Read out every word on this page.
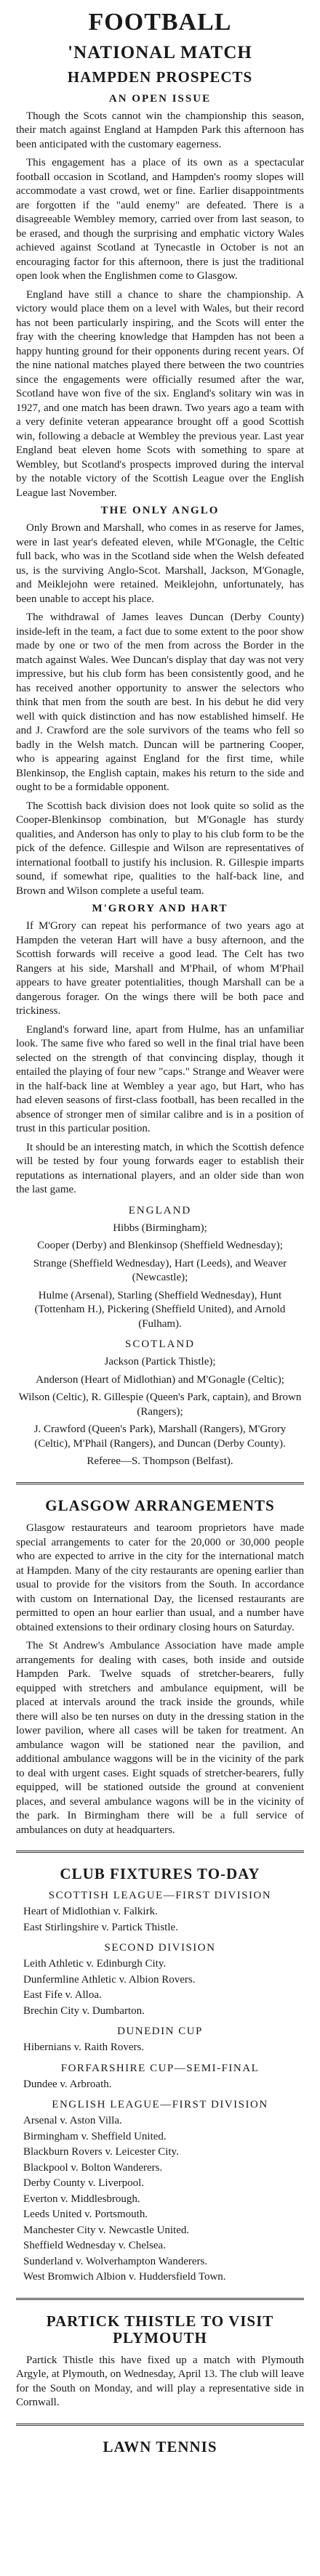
FOOTBALL
'NATIONAL MATCH
HAMPDEN PROSPECTS
AN OPEN ISSUE

Though the Scots cannot win the championship this season, their match against England at Hampden Park this afternoon has been anticipated with the customary eagerness.

This engagement has a place of its own as a spectacular football occasion in Scotland, and Hampden's roomy slopes will accommodate a vast crowd, wet or fine. Earlier disappointments are forgotten if the "auld enemy" are defeated. There is a disagreeable Wembley memory, carried over from last season, to be erased, and though the surprising and emphatic victory Wales achieved against Scotland at Tynecastle in October is not an encouraging factor for this afternoon, there is just the traditional open look when the Englishmen come to Glasgow.

England have still a chance to share the championship. A victory would place them on a level with Wales, but their record has not been particularly inspiring, and the Scots will enter the fray with the cheering knowledge that Hampden has not been a happy hunting ground for their opponents during recent years. Of the nine national matches played there between the two countries since the engagements were officially resumed after the war, Scotland have won five of the six. England's solitary win was in 1927, and one match has been drawn. Two years ago a team with a very definite veteran appearance brought off a good Scottish win, following a debacle at Wembley the previous year. Last year England beat eleven home Scots with something to spare at Wembley, but Scotland's prospects improved during the interval by the notable victory of the Scottish League over the English League last November.

THE ONLY ANGLO

Only Brown and Marshall, who comes in as reserve for James, were in last year's defeated eleven, while M'Gonagle, the Celtic full back, who was in the Scotland side when the Welsh defeated us, is the surviving Anglo-Scot. Marshall, Jackson, M'Gonagle, and Meiklejohn were retained. Meiklejohn, unfortunately, has been unable to accept his place.

The withdrawal of James leaves Duncan (Derby County) inside-left in the team, a fact due to some extent to the poor show made by one or two of the men from across the Border in the match against Wales. Wee Duncan's display that day was not very impressive, but his club form has been consistently good, and he has received another opportunity to answer the selectors who think that men from the south are best. In his debut he did very well with quick distinction and has now established himself. He and J. Crawford are the sole survivors of the teams who fell so badly in the Welsh match. Duncan will be partnering Cooper, who is appearing against England for the first time, while Blenkinsop, the English captain, makes his return to the side and ought to be a formidable opponent.

The Scottish back division does not look quite so solid as the Cooper-Blenkinsop combination, but M'Gonagle has sturdy qualities, and Anderson has only to play to his club form to be the pick of the defence. Gillespie and Wilson are representatives of international football to justify his inclusion. R. Gillespie imparts sound, if somewhat ripe, qualities to the half-back line, and Brown and Wilson complete a useful team.

M'GRORY AND HART

If M'Grory can repeat his performance of two years ago at Hampden the veteran Hart will have a busy afternoon, and the Scottish forwards will receive a good lead. The Celt has two Rangers at his side, Marshall and M'Phail, of whom M'Phail appears to have greater potentialities, though Marshall can be a dangerous forager. On the wings there will be both pace and trickiness.

England's forward line, apart from Hulme, has an unfamiliar look. The same five who fared so well in the final trial have been selected on the strength of that convincing display, though it entailed the playing of four new "caps." Strange and Weaver were in the half-back line at Wembley a year ago, but Hart, who has had eleven seasons of first-class football, has been recalled in the absence of stronger men of similar calibre and is in a position of trust in this particular position.

It should be an interesting match, in which the Scottish defence will be tested by four young forwards eager to establish their reputations as international players, and an older side than won the last game.

ENGLAND

Hibbs (Birmingham);

Cooper (Derby) and Blenkinsop (Sheffield Wednesday);

Strange (Sheffield Wednesday), Hart (Leeds), and Weaver (Newcastle);

Hulme (Arsenal), Starling (Sheffield Wednesday), Hunt (Tottenham H.), Pickering (Sheffield United), and Arnold (Fulham).

SCOTLAND

Jackson (Partick Thistle);

Anderson (Heart of Midlothian) and M'Gonagle (Celtic);

Wilson (Celtic), R. Gillespie (Queen's Park, captain), and Brown (Rangers);

J. Crawford (Queen's Park), Marshall (Rangers), M'Grory (Celtic), M'Phail (Rangers), and Duncan (Derby County).

Referee—S. Thompson (Belfast).

GLASGOW ARRANGEMENTS

Glasgow restaurateurs and tearoom proprietors have made special arrangements to cater for the 20,000 or 30,000 people who are expected to arrive in the city for the international match at Hampden. Many of the city restaurants are opening earlier than usual to provide for the visitors from the South. In accordance with custom on International Day, the licensed restaurants are permitted to open an hour earlier than usual, and a number have obtained extensions to their ordinary closing hours on Saturday.

The St Andrew's Ambulance Association have made ample arrangements for dealing with cases, both inside and outside Hampden Park. Twelve squads of stretcher-bearers, fully equipped with stretchers and ambulance equipment, will be placed at intervals around the track inside the grounds, while there will also be ten nurses on duty in the dressing station in the lower pavilion, where all cases will be taken for treatment. An ambulance wagon will be stationed near the pavilion, and additional ambulance waggons will be in the vicinity of the park to deal with urgent cases. Eight squads of stretcher-bearers, fully equipped, will be stationed outside the ground at convenient places, and several ambulance wagons will be in the vicinity of the park. In Birmingham there will be a full service of ambulances on duty at headquarters.

CLUB FIXTURES TO-DAY
SCOTTISH LEAGUE—FIRST DIVISION
Heart of Midlothian v. Falkirk.
East Stirlingshire v. Partick Thistle.
SECOND DIVISION
Leith Athletic v. Edinburgh City.
Dunfermline Athletic v. Albion Rovers.
East Fife v. Alloa.
Brechin City v. Dumbarton.
DUNEDIN CUP
Hibernians v. Raith Rovers.
FORFARSHIRE CUP—SEMI-FINAL
Dundee v. Arbroath.
ENGLISH LEAGUE—FIRST DIVISION
Arsenal v. Aston Villa.
Birmingham v. Sheffield United.
Blackburn Rovers v. Leicester City.
Blackpool v. Bolton Wanderers.
Derby County v. Liverpool.
Everton v. Middlesbrough.
Leeds United v. Portsmouth.
Manchester City v. Newcastle United.
Sheffield Wednesday v. Chelsea.
Sunderland v. Wolverhampton Wanderers.
West Bromwich Albion v. Huddersfield Town.
PARTICK THISTLE TO VISIT PLYMOUTH

Partick Thistle this have fixed up a match with Plymouth Argyle, at Plymouth, on Wednesday, April 13. The club will leave for the South on Monday, and will play a representative side in Cornwall.

LAWN TENNIS
